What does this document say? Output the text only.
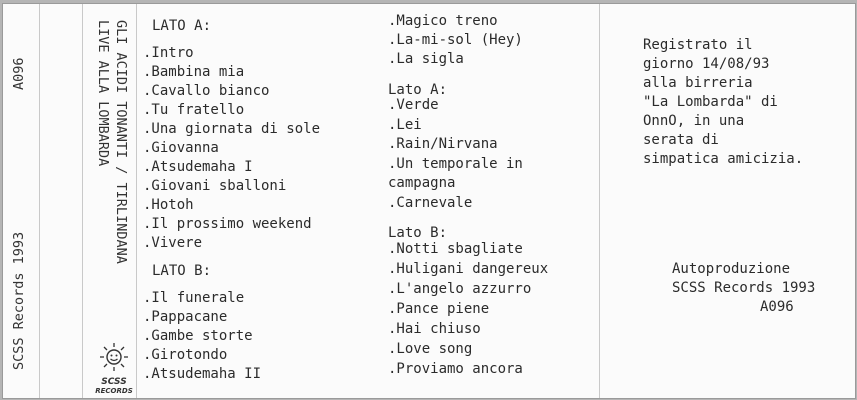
A096
SCSS Records 1993
GLI ACIDI TONANTI / TIRLINDANA
LIVE ALLA LOMBARDA
SCSS
RECORDS
LATO A:
.Intro
.Bambina mia
.Cavallo bianco
.Tu fratello
.Una giornata di sole
.Giovanna
.Atsudemaha I
.Giovani sballoni
.Hotoh
.Il prossimo weekend
.Vivere
LATO B:
.Il funerale
.Pappacane
.Gambe storte
.Girotondo
.Atsudemaha II
.Magico treno
.La-mi-sol (Hey)
.La sigla
Lato A:
.Verde
.Lei
.Rain/Nirvana
.Un temporale in
campagna
.Carnevale
Lato B:
.Notti sbagliate
.Huligani dangereux
.L'angelo azzurro
.Pance piene
.Hai chiuso
.Love song
.Proviamo ancora
Registrato il
giorno 14/08/93
alla birreria
"La Lombarda" di
OnnO, in una
serata di
simpatica amicizia.
Autoproduzione
SCSS Records 1993
A096
